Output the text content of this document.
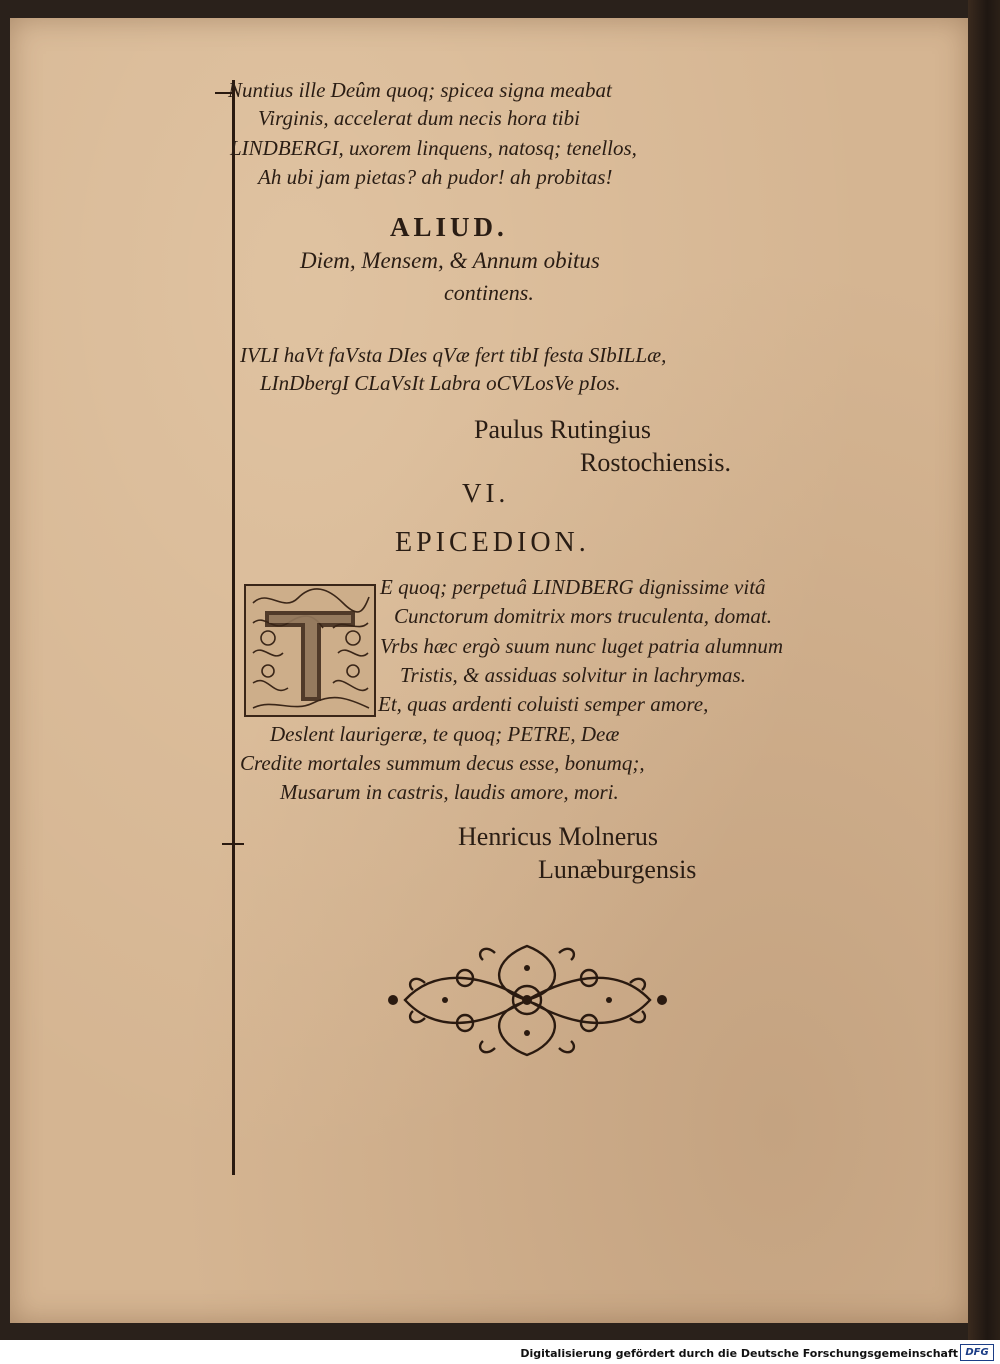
Nuntius ille Deûm quoq; spicea signa meabat
Virginis, accelerat dum necis hora tibi
LINDBERGI, uxorem linquens, natosq; tenellos,
Ah ubi jam pietas? ah pudor! ah probitas!
ALIUD.
Diem, Mensem, & Annum obitus
continens.
IVLI haVt faVsta DIes qVæ fert tibI festa SIbILLæ,
LInDbergI CLaVsIt Labra oCVLosVe pIos.
Paulus Rutingius
Rostochiensis.
VI.
EPICEDION.
E quoq; perpetuâ LINDBERG dignissime vitâ
Cunctorum domitrix mors truculenta, domat.
Vrbs hæc ergò suum nunc luget patria alumnum
Tristis, & assiduas solvitur in lachrymas.
Et, quas ardenti coluisti semper amore,
Deslent laurigeræ, te quoq; PETRE, Deæ
Credite mortales summum decus esse, bonumq;,
Musarum in castris, laudis amore, mori.
Henricus Molnerus
Lunæburgensis
Digitalisierung gefördert durch die Deutsche Forschungsgemeinschaft DFG
